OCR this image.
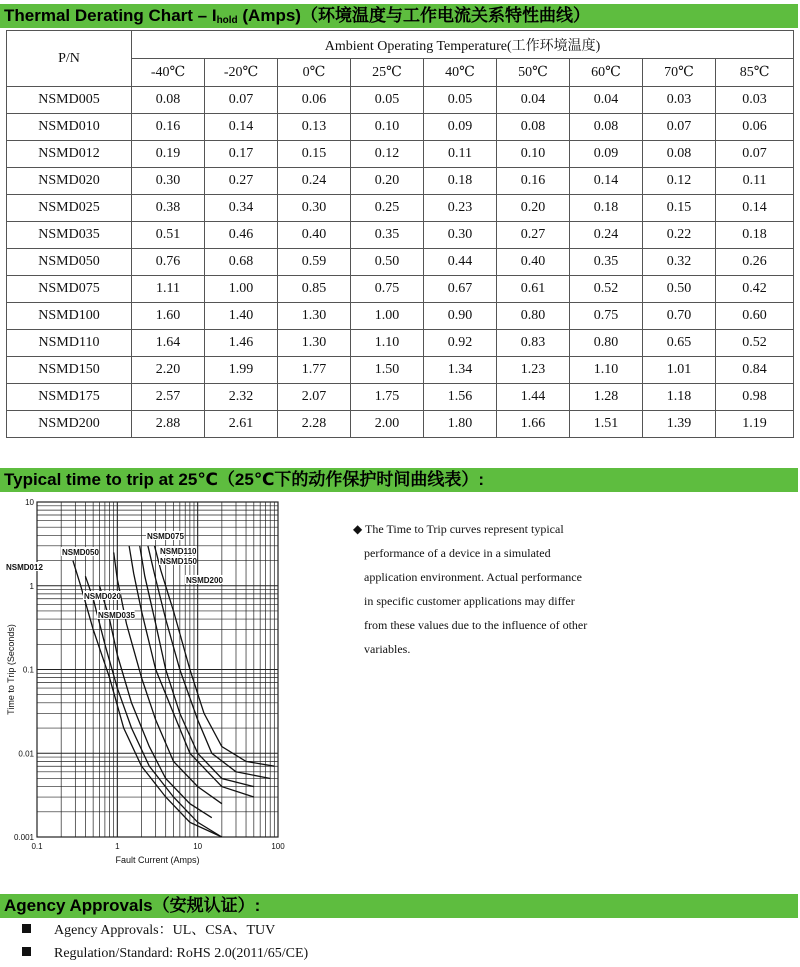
Thermal Derating Chart – $I_{hold}$ (Amps)（环境温度与工作电流关系特性曲线）
P/N	Ambient Operating Temperature(工作环境温度)								
	-40℃	-20℃	0℃	25℃	40℃	50℃	60℃	70℃	85℃
NSMD005	0.08	0.07	0.06	0.05	0.05	0.04	0.04	0.03	0.03
NSMD010	0.16	0.14	0.13	0.10	0.09	0.08	0.08	0.07	0.06
NSMD012	0.19	0.17	0.15	0.12	0.11	0.10	0.09	0.08	0.07
NSMD020	0.30	0.27	0.24	0.20	0.18	0.16	0.14	0.12	0.11
NSMD025	0.38	0.34	0.30	0.25	0.23	0.20	0.18	0.15	0.14
NSMD035	0.51	0.46	0.40	0.35	0.30	0.27	0.24	0.22	0.18
NSMD050	0.76	0.68	0.59	0.50	0.44	0.40	0.35	0.32	0.26
NSMD075	1.11	1.00	0.85	0.75	0.67	0.61	0.52	0.50	0.42
NSMD100	1.60	1.40	1.30	1.00	0.90	0.80	0.75	0.70	0.60
NSMD110	1.64	1.46	1.30	1.10	0.92	0.83	0.80	0.65	0.52
NSMD150	2.20	1.99	1.77	1.50	1.34	1.23	1.10	1.01	0.84
NSMD175	2.57	2.32	2.07	1.75	1.56	1.44	1.28	1.18	0.98
NSMD200	2.88	2.61	2.28	2.00	1.80	1.66	1.51	1.39	1.19
Typical time to trip at 25℃（25℃下的动作保护时间曲线表）:
NSMD012
NSMD020
NSMD035
NSMD050
NSMD075
NSMD110
NSMD150
NSMD200
0.1	1	10	100
0.001
0.01
0.1
1
10
Fault Current (Amps)
Time to Trip (Seconds)

◆ The Time to Trip curves represent typical

performance of a device in a simulated

application environment. Actual performance

in specific customer applications may differ

from these values due to the influence of other

variables.

Agency Approvals（安规认证）:
Agency Approvals：UL、CSA、TUV
Regulation/Standard: RoHS 2.0(2011/65/CE)
